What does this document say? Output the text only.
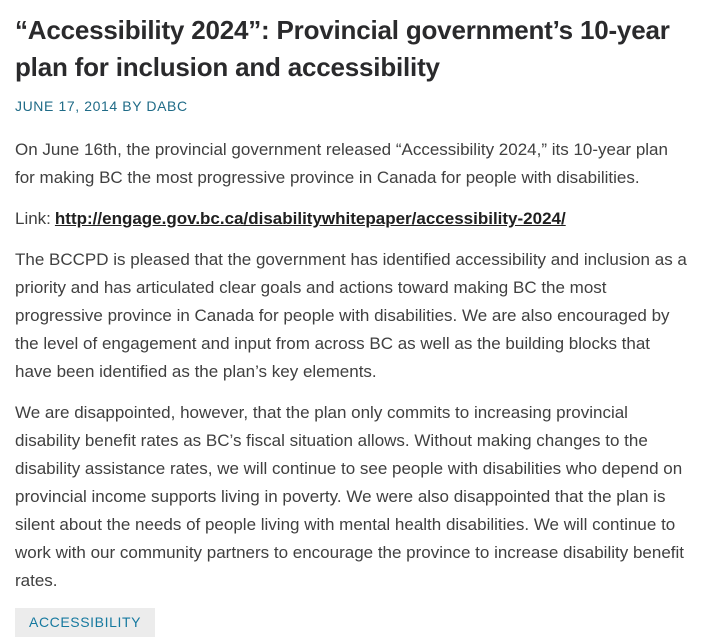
“Accessibility 2024”: Provincial government’s 10-year plan for inclusion and accessibility
JUNE 17, 2014 BY DABC

On June 16th, the provincial government released “Accessibility 2024,” its 10-year plan for making BC the most progressive province in Canada for people with disabilities.

Link: http://engage.gov.bc.ca/disabilitywhitepaper/accessibility-2024/

The BCCPD is pleased that the government has identified accessibility and inclusion as a priority and has articulated clear goals and actions toward making BC the most progressive province in Canada for people with disabilities. We are also encouraged by the level of engagement and input from across BC as well as the building blocks that have been identified as the plan’s key elements.

We are disappointed, however, that the plan only commits to increasing provincial disability benefit rates as BC’s fiscal situation allows. Without making changes to the disability assistance rates, we will continue to see people with disabilities who depend on provincial income supports living in poverty. We were also disappointed that the plan is silent about the needs of people living with mental health disabilities. We will continue to work with our community partners to encourage the province to increase disability benefit rates.

ACCESSIBILITY
